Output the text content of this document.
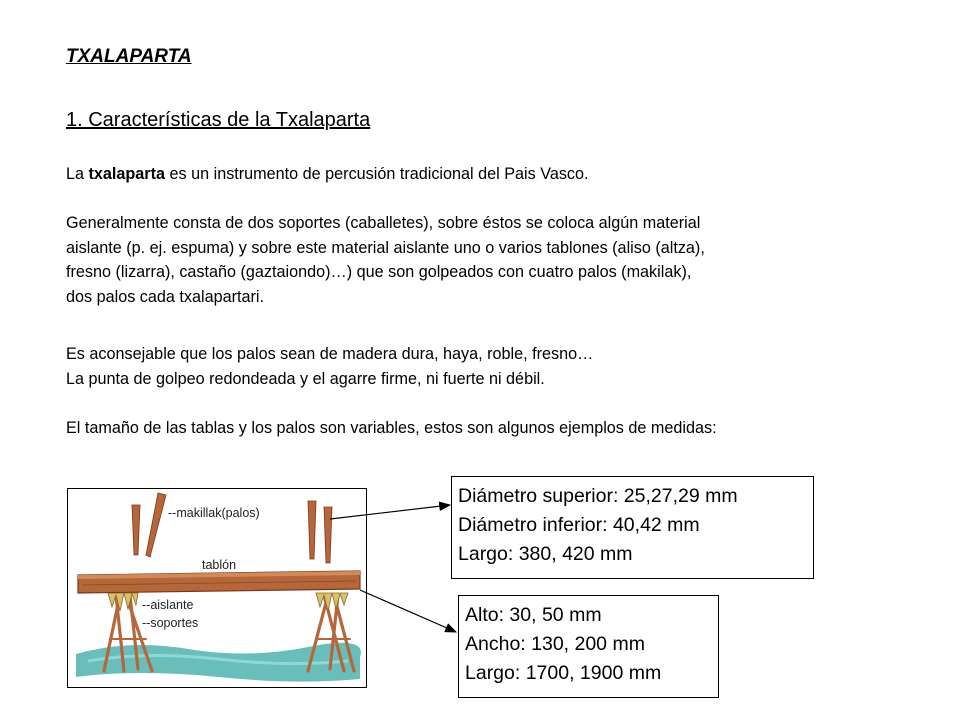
TXALAPARTA
1. Características de la Txalaparta
La txalaparta es un instrumento de percusión tradicional del Pais Vasco.
Generalmente consta de dos soportes (caballetes), sobre éstos se coloca algún material
aislante (p. ej. espuma) y sobre este material aislante uno o varios tablones (aliso (altza),
fresno (lizarra), castaño (gaztaiondo)…) que son golpeados con cuatro palos (makilak),
dos palos cada txalapartari.
Es aconsejable que los palos sean de madera dura, haya, roble, fresno…
La punta de golpeo redondeada y el agarre firme, ni fuerte ni débil.
El tamaño de las tablas y los palos son variables, estos son algunos ejemplos de medidas:
--makillak(palos)
tablón
--aislante
--soportes
Diámetro superior: 25,27,29 mm
Diámetro inferior: 40,42 mm
Largo: 380, 420 mm
Alto: 30, 50 mm
Ancho: 130, 200 mm
Largo: 1700, 1900 mm
